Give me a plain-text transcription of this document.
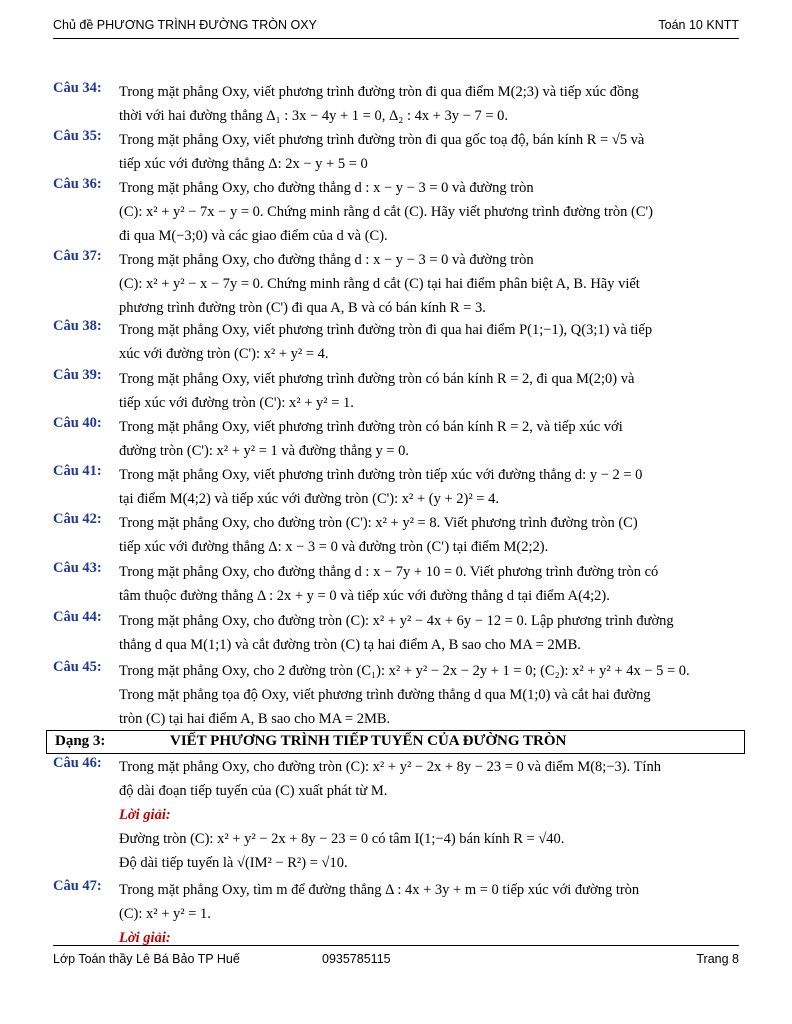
Chủ đề PHƯƠNG TRÌNH ĐƯỜNG TRÒN OXY	Toán 10 KNTT
Câu 34: Trong mặt phẳng Oxy, viết phương trình đường tròn đi qua điểm M(2;3) và tiếp xúc đồng
thời với hai đường thẳng Δ₁ : 3x − 4y + 1 = 0, Δ₂ : 4x + 3y − 7 = 0.
Câu 35: Trong mặt phẳng Oxy, viết phương trình đường tròn đi qua gốc toạ độ, bán kính R = √5 và
tiếp xúc với đường thẳng Δ: 2x − y + 5 = 0
Câu 36: Trong mặt phẳng Oxy, cho đường thẳng d : x − y − 3 = 0 và đường tròn
(C): x² + y² − 7x − y = 0. Chứng minh rằng d cắt (C). Hãy viết phương trình đường tròn (C')
đi qua M(−3;0) và các giao điểm của d và (C).
Câu 37: Trong mặt phẳng Oxy, cho đường thẳng d : x − y − 3 = 0 và đường tròn
(C): x² + y² − x − 7y = 0. Chứng minh rằng d cắt (C) tại hai điểm phân biệt A, B. Hãy viết
phương trình đường tròn (C') đi qua A, B và có bán kính R = 3.
Câu 38: Trong mặt phẳng Oxy, viết phương trình đường tròn đi qua hai điểm P(1;−1), Q(3;1) và tiếp
xúc với đường tròn (C'): x² + y² = 4.
Câu 39: Trong mặt phẳng Oxy, viết phương trình đường tròn có bán kính R = 2, đi qua M(2;0) và
tiếp xúc với đường tròn (C'): x² + y² = 1.
Câu 40: Trong mặt phẳng Oxy, viết phương trình đường tròn có bán kính R = 2, và tiếp xúc với
đường tròn (C'): x² + y² = 1 và đường thẳng y = 0.
Câu 41: Trong mặt phẳng Oxy, viết phương trình đường tròn tiếp xúc với đường thẳng d: y − 2 = 0
tại điểm M(4;2) và tiếp xúc với đường tròn (C'): x² + (y + 2)² = 4.
Câu 42: Trong mặt phẳng Oxy, cho đường tròn (C'): x² + y² = 8. Viết phương trình đường tròn (C)
tiếp xúc với đường thẳng Δ: x − 3 = 0 và đường tròn (C′) tại điểm M(2;2).
Câu 43: Trong mặt phẳng Oxy, cho đường thẳng d : x − 7y + 10 = 0. Viết phương trình đường tròn có
tâm thuộc đường thẳng Δ : 2x + y = 0 và tiếp xúc với đường thẳng d tại điểm A(4;2).
Câu 44: Trong mặt phẳng Oxy, cho đường tròn (C): x² + y² − 4x + 6y − 12 = 0. Lập phương trình đường
thẳng d qua M(1;1) và cắt đường tròn (C) tạ hai điểm A, B sao cho MA = 2MB.
Câu 45: Trong mặt phẳng Oxy, cho 2 đường tròn (C₁): x² + y² − 2x − 2y + 1 = 0; (C₂): x² + y² + 4x − 5 = 0.
Trong mặt phẳng tọa độ Oxy, viết phương trình đường thẳng d qua M(1;0) và cắt hai đường
tròn (C) tại hai điểm A, B sao cho MA = 2MB.
Dạng 3:	VIẾT PHƯƠNG TRÌNH TIẾP TUYẾN CỦA ĐƯỜNG TRÒN
Câu 46: Trong mặt phẳng Oxy, cho đường tròn (C): x² + y² − 2x + 8y − 23 = 0 và điểm M(8;−3). Tính
độ dài đoạn tiếp tuyến của (C) xuất phát từ M.
Lời giải:
Đường tròn (C): x² + y² − 2x + 8y − 23 = 0 có tâm I(1;−4) bán kính R = √40.
Độ dài tiếp tuyến là √(IM² − R²) = √10.
Câu 47: Trong mặt phẳng Oxy, tìm m để đường thẳng Δ : 4x + 3y + m = 0 tiếp xúc với đường tròn
(C): x² + y² = 1.
Lời giải:
Lớp Toán thầy Lê Bá Bảo TP Huế	0935785115	Trang 8
